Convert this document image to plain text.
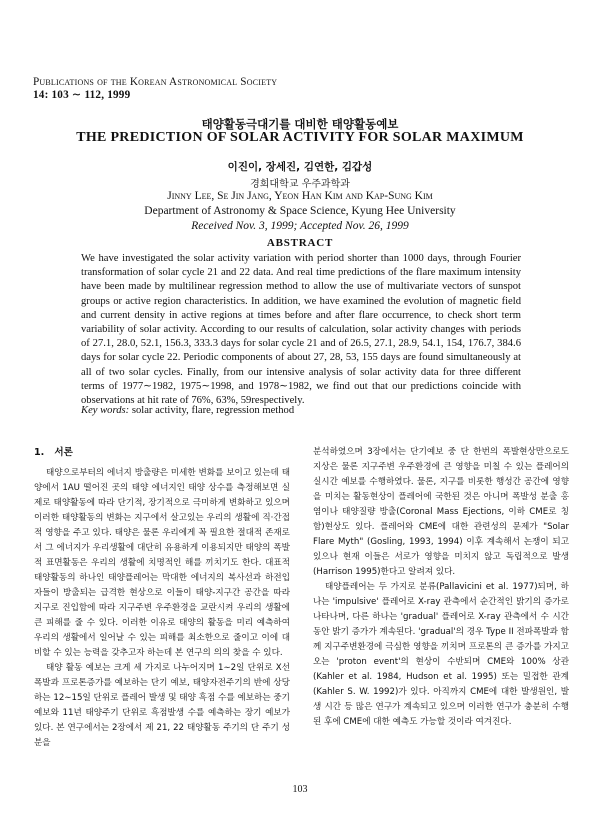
Publications of the Korean Astronomical Society
14: 103 ∼ 112, 1999
태양활동극대기를 대비한 태양활동예보
THE PREDICTION OF SOLAR ACTIVITY FOR SOLAR MAXIMUM
이진이, 장세진, 김연한, 김갑성
경희대학교 우주과학과
Jinny Lee, Se Jin Jang, Yeon Han Kim and Kap-Sung Kim
Department of Astronomy & Space Science, Kyung Hee University
Received Nov. 3, 1999; Accepted Nov. 26, 1999
ABSTRACT
We have investigated the solar activity variation with period shorter than 1000 days, through Fourier transformation of solar cycle 21 and 22 data. And real time predictions of the flare maximum intensity have been made by multilinear regression method to allow the use of multivariate vectors of sunspot groups or active region characteristics. In addition, we have examined the evolution of magnetic field and current density in active regions at times before and after flare occurrence, to check short term variability of solar activity. According to our results of calculation, solar activity changes with periods of 27.1, 28.0, 52.1, 156.3, 333.3 days for solar cycle 21 and of 26.5, 27.1, 28.9, 54.1, 154, 176.7, 384.6 days for solar cycle 22. Periodic components of about 27, 28, 53, 155 days are found simultaneously at all of two solar cycles. Finally, from our intensive analysis of solar activity data for three different terms of 1977∼1982, 1975∼1998, and 1978∼1982, we find out that our predictions coincide with observations at hit rate of 76%, 63%, 59respectively.
Key words: solar activity, flare, regression method
1.   서론

태양으로부터의 에너지 방출량은 미세한 변화를 보이고 있는데 태양에서 1AU 떨어진 곳의 태양 에너지인 태양 상수를 측정해보면 실제로 태양활동에 따라 단기적, 장기적으로 극미하게 변화하고 있으며 이러한 태양활동의 변화는 지구에서 살고있는 우리의 생활에 직·간접적 영향을 주고 있다. 태양은 물론 우리에게 꼭 필요한 절대적 존재로서 그 에너지가 우리생활에 대단히 유용하게 이용되지만 태양의 폭발적 표면활동은 우리의 생활에 치명적인 해를 끼치기도 한다. 대표적 태양활동의 하나인 태양플레어는 막대한 에너지의 복사선과 하전입자들이 방출되는 급격한 현상으로 이들이 태양-지구간 공간을 따라 지구로 진입함에 따라 지구주변 우주환경을 교란시켜 우리의 생활에 큰 피해를 줄 수 있다. 이러한 이유로 태양의 활동을 미리 예측하여 우리의 생활에서 일어날 수 있는 피해를 최소한으로 줄이고 이에 대비할 수 있는 능력을 갖추고자 하는데 본 연구의 의의 찾을 수 있다.

태양 활동 예보는 크게 세 가지로 나누어지며 1∼2일 단위로 X선 폭발과 프로톤증가를 예보하는 단기 예보, 태양자전주기의 반에 상당하는 12∼15일 단위로 플레어 발생 및 태양 흑점 수를 예보하는 중기 예보와 11년 태양주기 단위로 흑점발생 수를 예측하는 장기 예보가 있다. 본 연구에서는 2장에서 제 21, 22 태양활동 주기의 단 주기 성분을

분석하였으며 3장에서는 단기예보 중 단 한번의 폭발현상만으로도 지상은 물론 지구주변 우주환경에 큰 영향을 미칠 수 있는 플레어의 실시간 예보를 수행하였다. 물론, 지구를 비롯한 행성간 공간에 영향을 미치는 활동현상이 플레어에 국한된 것은 아니며 폭발성 분출 홍염이나 태양질량 방출(Coronal Mass Ejections, 이하 CME로 칭함)현상도 있다. 플레어와 CME에 대한 관련성의 문제가 "Solar Flare Myth" (Gosling, 1993, 1994) 이후 계속해서 논쟁이 되고 있으나 현재 이들은 서로가 영향을 미치지 않고 독립적으로 발생(Harrison 1995)한다고 알려져 있다.

태양플레어는 두 가지로 분류(Pallavicini et al. 1977)되며, 하나는 'impulsive' 플레어로 X-ray 관측에서 순간적인 밝기의 증가로 나타나며, 다른 하나는 'gradual' 플레어로 X-ray 관측에서 수 시간 동안 밝기 증가가 계속된다. 'gradual'의 경우 Type II 전파폭발과 함께 지구주변환경에 극심한 영향을 끼치며 프로톤의 큰 증가를 가지고 오는 'proton event'의 현상이 수반되며 CME와 100% 상관(Kahler et al. 1984, Hudson et al. 1995) 또는 밀접한 관계 (Kahler S. W. 1992)가 있다. 아직까지 CME에 대한 발생원인, 발생 시간 등 많은 연구가 계속되고 있으며 이러한 연구가 충분히 수행된 후에 CME에 대한 예측도 가능할 것이라 여겨진다.

103
